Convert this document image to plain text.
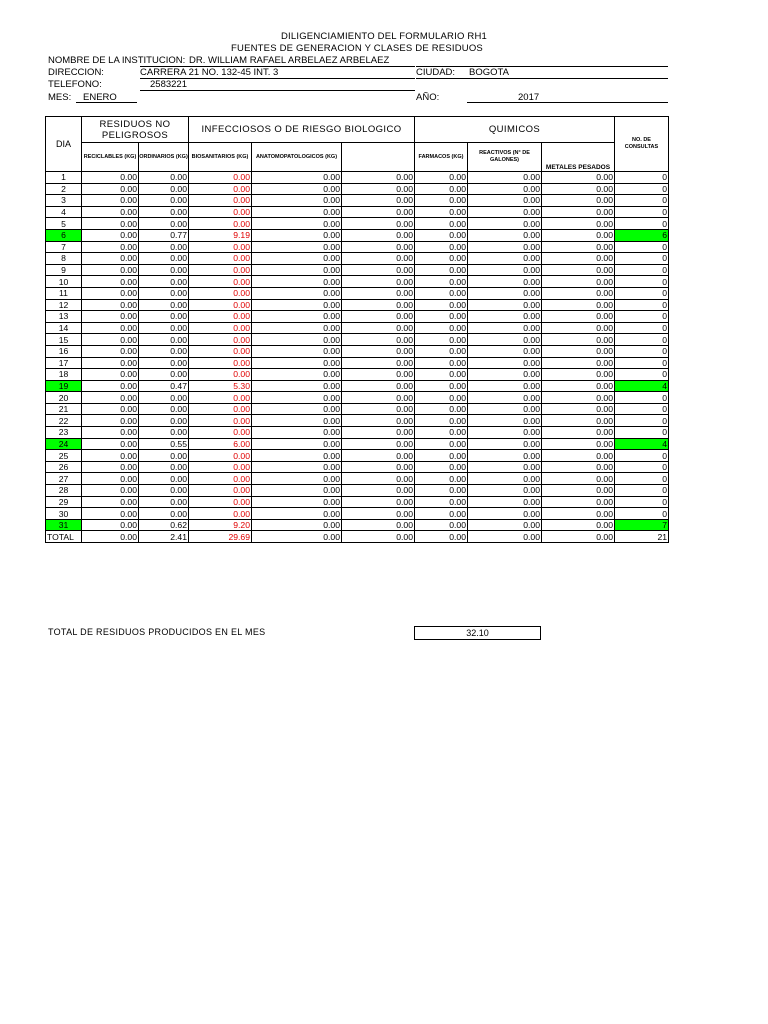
DILIGENCIAMIENTO DEL FORMULARIO RH1
FUENTES DE GENERACION Y CLASES DE RESIDUOS
NOMBRE DE LA INSTITUCION: DR. WILLIAM RAFAEL ARBELAEZ ARBELAEZ
DIRECCION:	CARRERA 21 NO. 132-45 INT. 3	CIUDAD: BOGOTA
TELEFONO:	2583221
MES: ENERO	AÑO:	2017
DIA	RESIDUOS NO PELIGROSOS		INFECCIOSOS O DE RIESGO BIOLOGICO			QUIMICOS			NO. DE CONSULTAS
	RECICLABLES (KG)	ORDINARIOS (KG)	BIOSANITARIOS (KG)	ANATOMOPATOLOGICOS (KG)		FARMACOS (KG)	REACTIVOS (N° DE GALONES)	METALES PESADOS	
1	0.00	0.00	0.00	0.00	0.00	0.00	0.00	0.00	0
2	0.00	0.00	0.00	0.00	0.00	0.00	0.00	0.00	0
3	0.00	0.00	0.00	0.00	0.00	0.00	0.00	0.00	0
4	0.00	0.00	0.00	0.00	0.00	0.00	0.00	0.00	0
5	0.00	0.00	0.00	0.00	0.00	0.00	0.00	0.00	0
6	0.00	0.77	9.19	0.00	0.00	0.00	0.00	0.00	6
7	0.00	0.00	0.00	0.00	0.00	0.00	0.00	0.00	0
8	0.00	0.00	0.00	0.00	0.00	0.00	0.00	0.00	0
9	0.00	0.00	0.00	0.00	0.00	0.00	0.00	0.00	0
10	0.00	0.00	0.00	0.00	0.00	0.00	0.00	0.00	0
11	0.00	0.00	0.00	0.00	0.00	0.00	0.00	0.00	0
12	0.00	0.00	0.00	0.00	0.00	0.00	0.00	0.00	0
13	0.00	0.00	0.00	0.00	0.00	0.00	0.00	0.00	0
14	0.00	0.00	0.00	0.00	0.00	0.00	0.00	0.00	0
15	0.00	0.00	0.00	0.00	0.00	0.00	0.00	0.00	0
16	0.00	0.00	0.00	0.00	0.00	0.00	0.00	0.00	0
17	0.00	0.00	0.00	0.00	0.00	0.00	0.00	0.00	0
18	0.00	0.00	0.00	0.00	0.00	0.00	0.00	0.00	0
19	0.00	0.47	5.30	0.00	0.00	0.00	0.00	0.00	4
20	0.00	0.00	0.00	0.00	0.00	0.00	0.00	0.00	0
21	0.00	0.00	0.00	0.00	0.00	0.00	0.00	0.00	0
22	0.00	0.00	0.00	0.00	0.00	0.00	0.00	0.00	0
23	0.00	0.00	0.00	0.00	0.00	0.00	0.00	0.00	0
24	0.00	0.55	6.00	0.00	0.00	0.00	0.00	0.00	4
25	0.00	0.00	0.00	0.00	0.00	0.00	0.00	0.00	0
26	0.00	0.00	0.00	0.00	0.00	0.00	0.00	0.00	0
27	0.00	0.00	0.00	0.00	0.00	0.00	0.00	0.00	0
28	0.00	0.00	0.00	0.00	0.00	0.00	0.00	0.00	0
29	0.00	0.00	0.00	0.00	0.00	0.00	0.00	0.00	0
30	0.00	0.00	0.00	0.00	0.00	0.00	0.00	0.00	0
31	0.00	0.62	9.20	0.00	0.00	0.00	0.00	0.00	7
TOTAL	0.00	2.41	29.69	0.00	0.00	0.00	0.00	0.00	21
TOTAL DE RESIDUOS PRODUCIDOS EN EL MES	32.10
